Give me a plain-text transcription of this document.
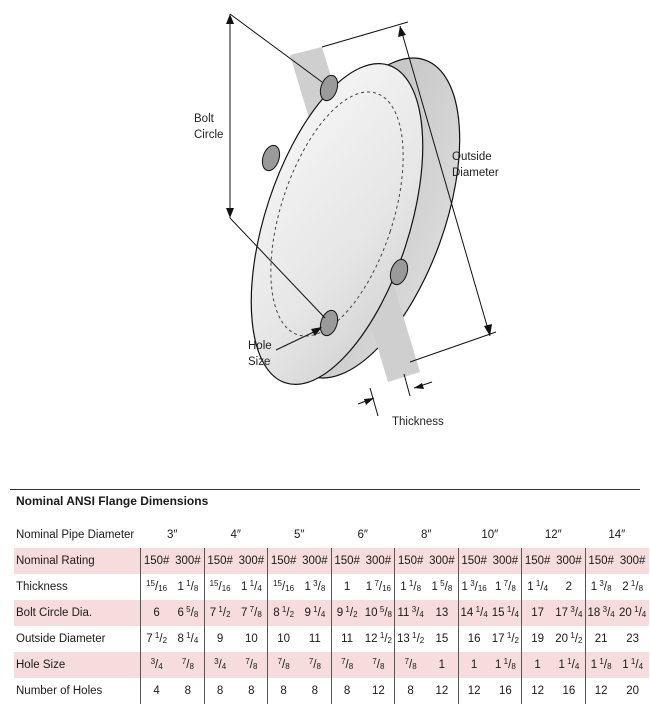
Bolt
Circle
Outside
Diameter
Hole
Size
Thickness
Nominal ANSI Flange Dimensions
Nominal Pipe Diameter	3″		4″		5″		6″		8″		10″		12″		14″	
Nominal Rating	150#	300#	150#	300#	150#	300#	150#	300#	150#	300#	150#	300#	150#	300#	150#	300#
Thickness	$^{15}/_{16}$	1  $^1/_8$	$^{15}/_{16}$	1  $^1/_4$	$^{15}/_{16}$	1  $^3/_8$	1	1  $^7/_{16}$	1  $^1/_8$	1  $^5/_8$	1  $^3/_{16}$	1  $^7/_8$	1  $^1/_4$	2	1  $^3/_8$	2  $^1/_8$
Bolt Circle Dia.	6	6  $^5/_8$	7  $^1/_2$	7  $^7/_8$	8  $^1/_2$	9  $^1/_4$	9  $^1/_2$	10  $^5/_8$	11  $^3/_4$	13	14  $^1/_4$	15  $^1/_4$	17	17  $^3/_4$	18  $^3/_4$	20  $^1/_4$
Outside Diameter	7  $^1/_2$	8  $^1/_4$	9	10	10	11	11	12  $^1/_2$	13  $^1/_2$	15	16	17  $^1/_2$	19	20  $^1/_2$	21	23
Hole Size	$^3/_4$	$^7/_8$	$^3/_4$	$^7/_8$	$^7/_8$	$^7/_8$	$^7/_8$	$^7/_8$	$^7/_8$	1	1	1  $^1/_8$	1	1  $^1/_4$	1  $^1/_8$	1  $^1/_4$
Number of Holes	4	8	8	8	8	8	8	12	8	12	12	16	12	16	12	20
